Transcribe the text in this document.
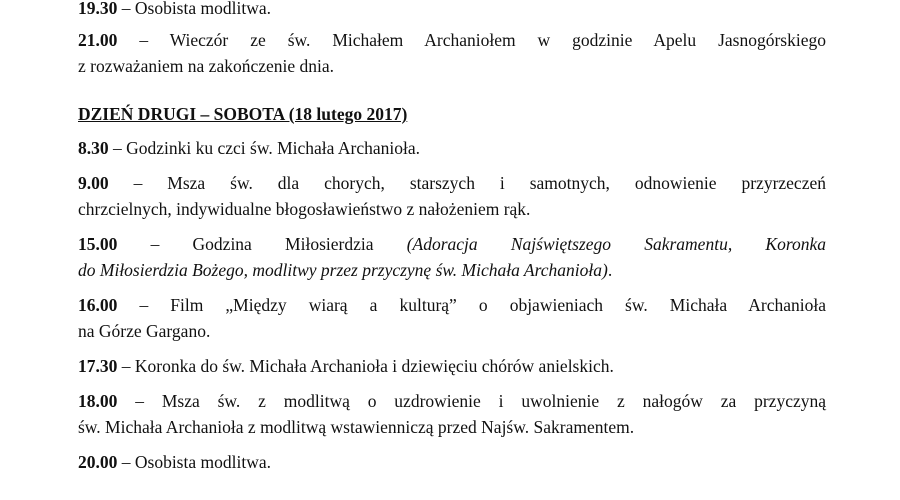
19.30 – Osobista modlitwa.

21.00 – Wieczór ze św. Michałem Archaniołem w godzinie Apelu Jasnogórskiego
z rozważaniem na zakończenie dnia.

DZIEŃ DRUGI – SOBOTA (18 lutego 2017)

8.30 – Godzinki ku czci św. Michała Archanioła.

9.00 – Msza św. dla chorych, starszych i samotnych, odnowienie przyrzeczeń
chrzcielnych, indywidualne błogosławieństwo z nałożeniem rąk.

15.00 – Godzina Miłosierdzia (Adoracja Najświętszego Sakramentu, Koronka
do Miłosierdzia Bożego, modlitwy przez przyczynę św. Michała Archanioła).

16.00 – Film „Między wiarą a kulturą” o objawieniach św. Michała Archanioła
na Górze Gargano.

17.30 – Koronka do św. Michała Archanioła i dziewięciu chórów anielskich.

18.00 – Msza św. z modlitwą o uzdrowienie i uwolnienie z nałogów za przyczyną
św. Michała Archanioła z modlitwą wstawienniczą przed Najśw. Sakramentem.

20.00 – Osobista modlitwa.
